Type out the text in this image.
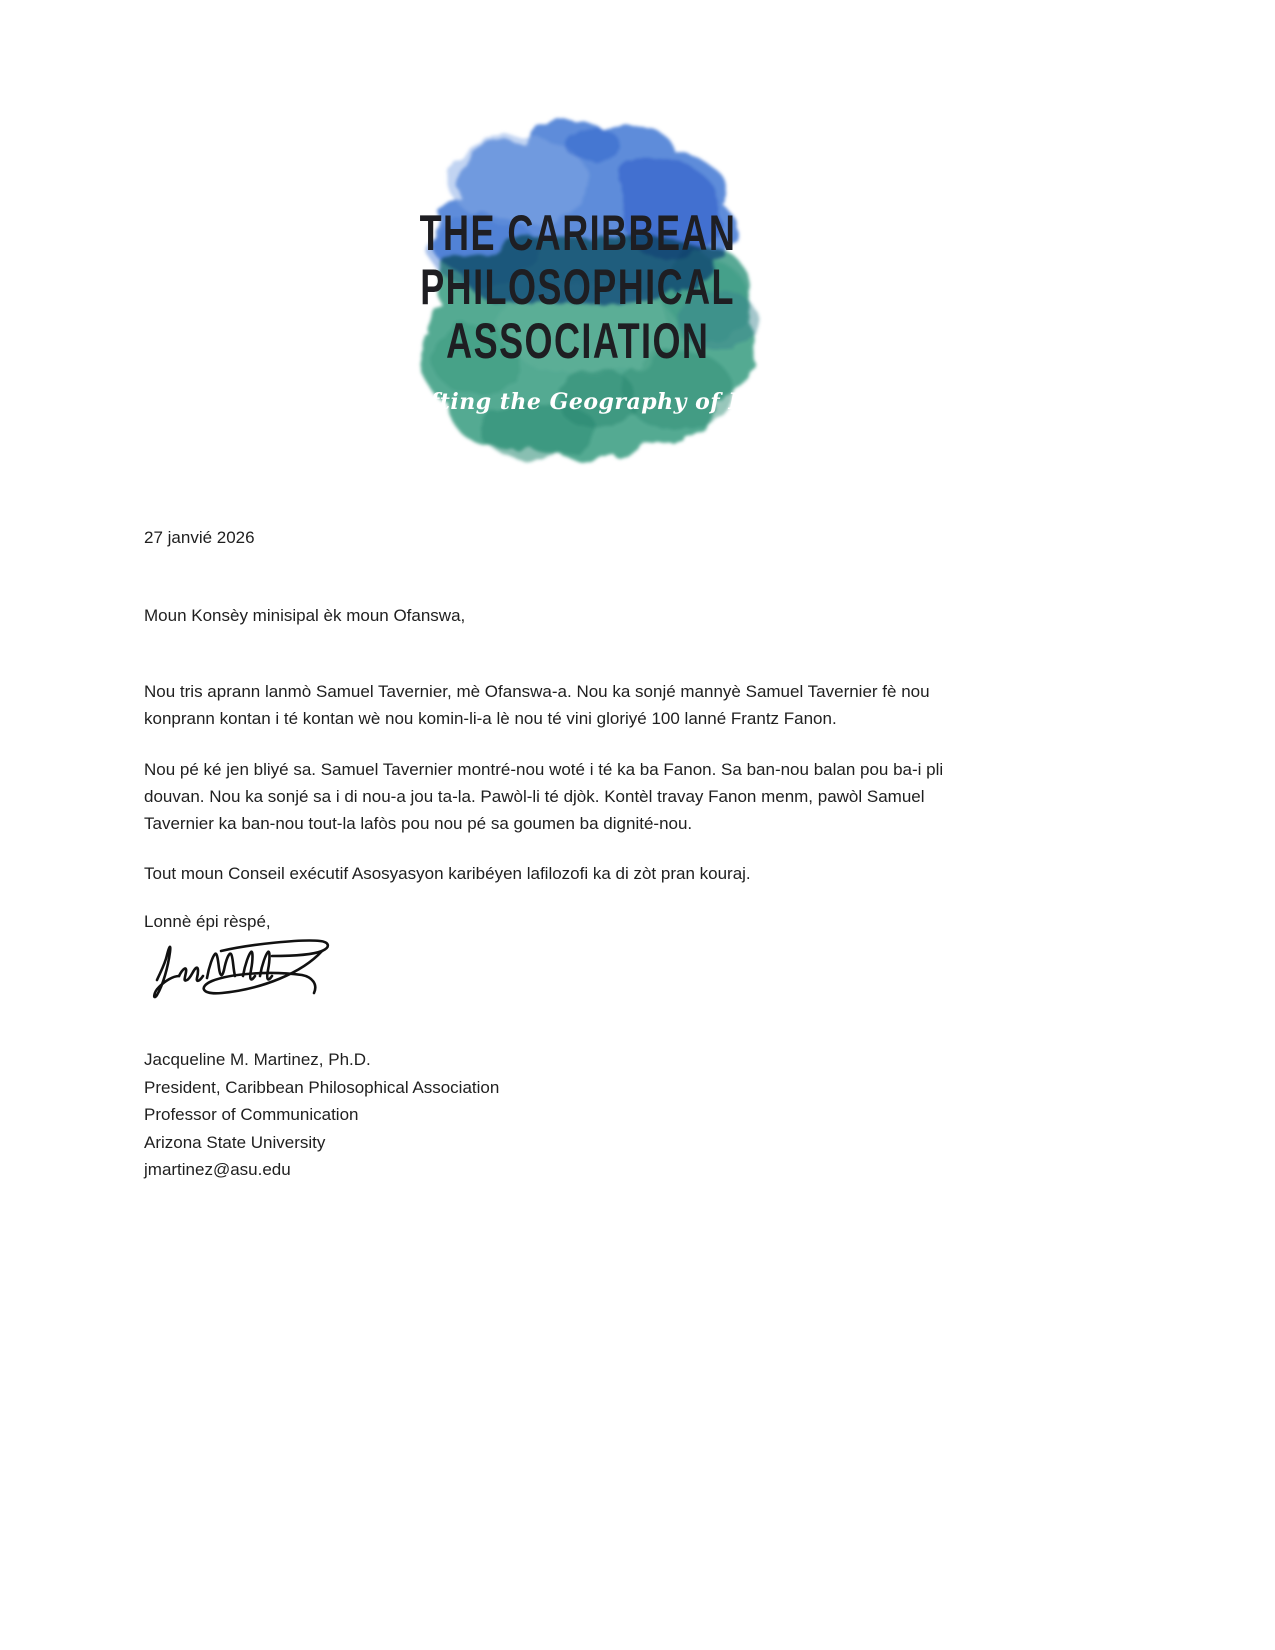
THE CARIBBEAN
PHILOSOPHICAL
ASSOCIATION
Shifting the Geography of Reason
27 janvié 2026
Moun Konsèy minisipal èk moun Ofanswa,
Nou tris aprann lanmò Samuel Tavernier, mè Ofanswa-a. Nou ka sonjé mannyè Samuel Tavernier fè nou
konprann kontan i té kontan wè nou komin-li-a lè nou té vini gloriyé 100 lanné Frantz Fanon.
Nou pé ké jen bliyé sa. Samuel Tavernier montré-nou woté i té ka ba Fanon. Sa ban-nou balan pou ba-i pli
douvan. Nou ka sonjé sa i di nou-a jou ta-la. Pawòl-li té djòk. Kontèl travay Fanon menm, pawòl Samuel
Tavernier ka ban-nou tout-la lafòs pou nou pé sa goumen ba dignité-nou.
Tout moun Conseil exécutif Asosyasyon karibéyen lafilozofi ka di zòt pran kouraj.
Lonnè épi rèspé,
Jacqueline M. Martinez, Ph.D.
President, Caribbean Philosophical Association
Professor of Communication
Arizona State University
jmartinez@asu.edu
